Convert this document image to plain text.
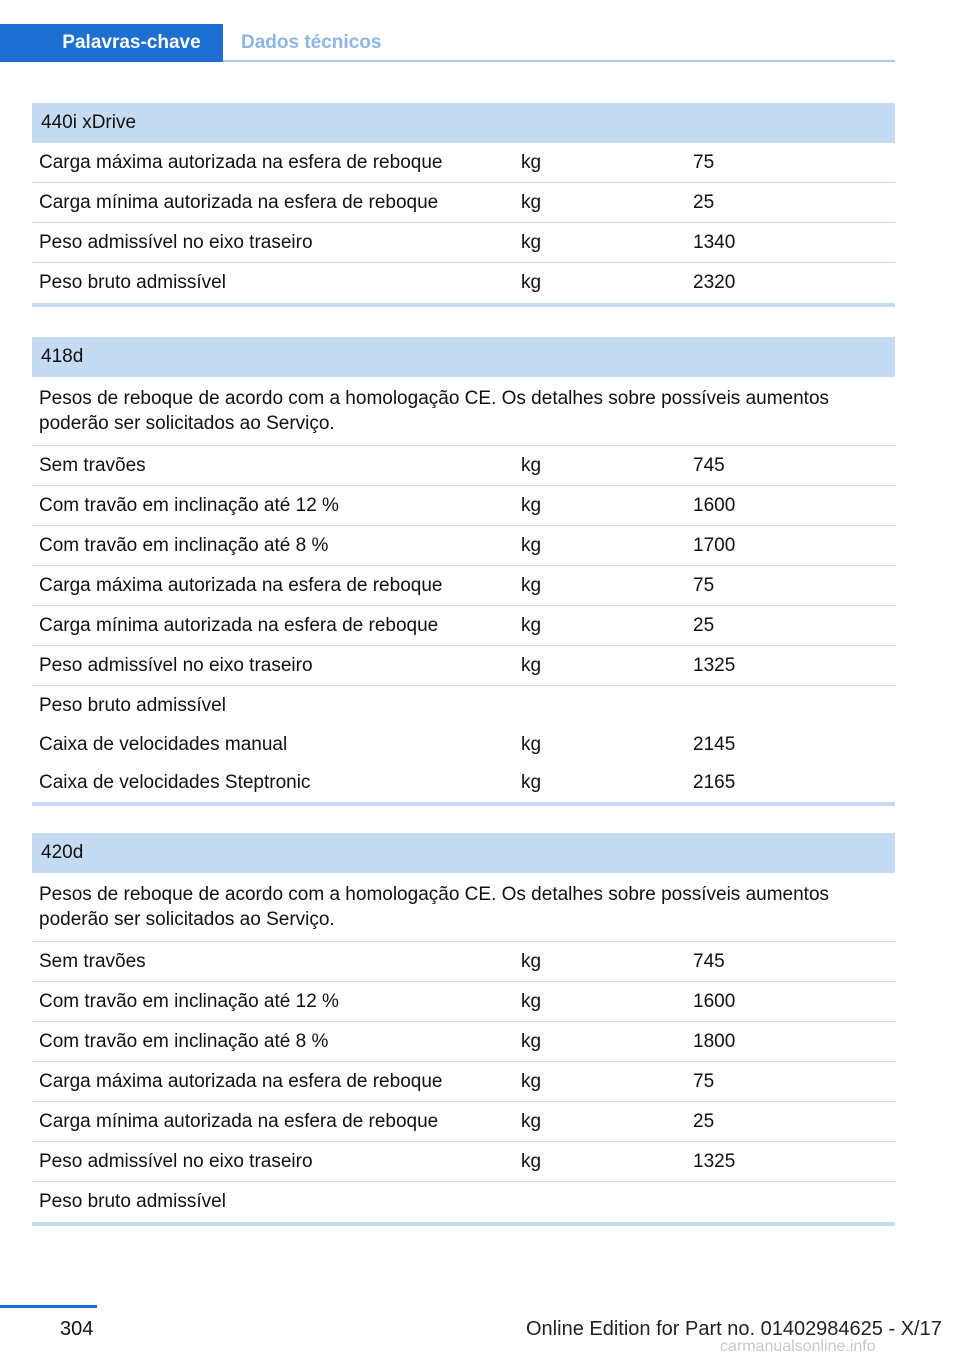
Palavras-chave	Dados técnicos
440i xDrive
Carga máxima autorizada na esfera de reboque	kg	75
Carga mínima autorizada na esfera de reboque	kg	25
Peso admissível no eixo traseiro	kg	1340
Peso bruto admissível	kg	2320
418d
Pesos de reboque de acordo com a homologação CE. Os detalhes sobre possíveis aumentos poderão ser solicitados ao Serviço.
Sem travões	kg	745
Com travão em inclinação até 12 %	kg	1600
Com travão em inclinação até 8 %	kg	1700
Carga máxima autorizada na esfera de reboque	kg	75
Carga mínima autorizada na esfera de reboque	kg	25
Peso admissível no eixo traseiro	kg	1325
Peso bruto admissível
Caixa de velocidades manual	kg	2145
Caixa de velocidades Steptronic	kg	2165
420d
Pesos de reboque de acordo com a homologação CE. Os detalhes sobre possíveis aumentos poderão ser solicitados ao Serviço.
Sem travões	kg	745
Com travão em inclinação até 12 %	kg	1600
Com travão em inclinação até 8 %	kg	1800
Carga máxima autorizada na esfera de reboque	kg	75
Carga mínima autorizada na esfera de reboque	kg	25
Peso admissível no eixo traseiro	kg	1325
Peso bruto admissível
304	Online Edition for Part no. 01402984625 - X/17
carmanualsonline.info
